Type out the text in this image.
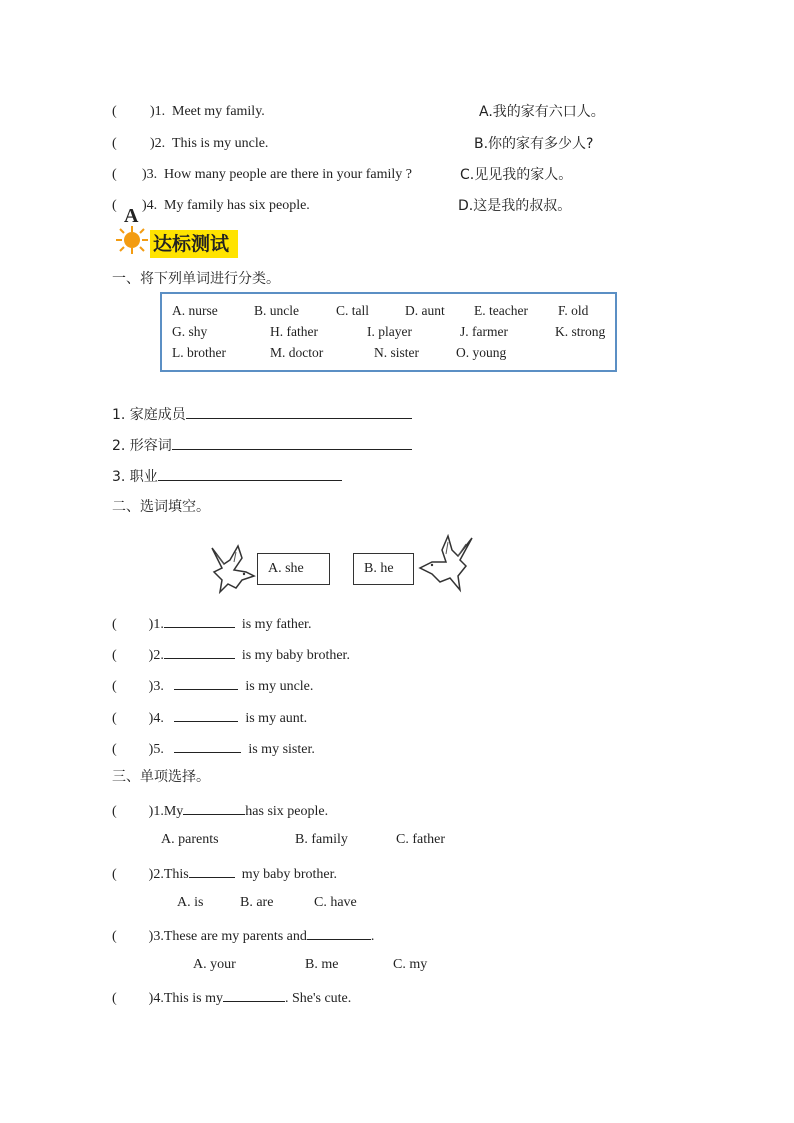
( )1. Meet my family.	A.我的家有六口人。
( )2. This is my uncle.	B.你的家有多少人?
( )3. How many people are there in your family ?	C.见见我的家人。
( )4. My family has six people.	D.这是我的叔叔。
A
达标测试
一、将下列单词进行分类。
A. nurse	B. uncle	C. tall	D. aunt E. teacher F. old
G. shy	H. father	I. player	J. farmer	K. strong
L. brother	M. doctor	N. sister	O. young
1. 家庭成员
2. 形容词
3. 职业
二、选词填空。
A. she	B. he
( )1.	is my father.
( )2.	is my baby brother.
( )3.	is my uncle.
( )4.	is my aunt.
( )5.	is my sister.
三、单项选择。
( )1.My	has six people.
A. parents	B. family	C. father
( )2.This	my baby brother.
A. is	B. are	C. have
( )3.These are my parents and	.
A. your	B. me	C. my
( )4.This is my	. She's cute.
